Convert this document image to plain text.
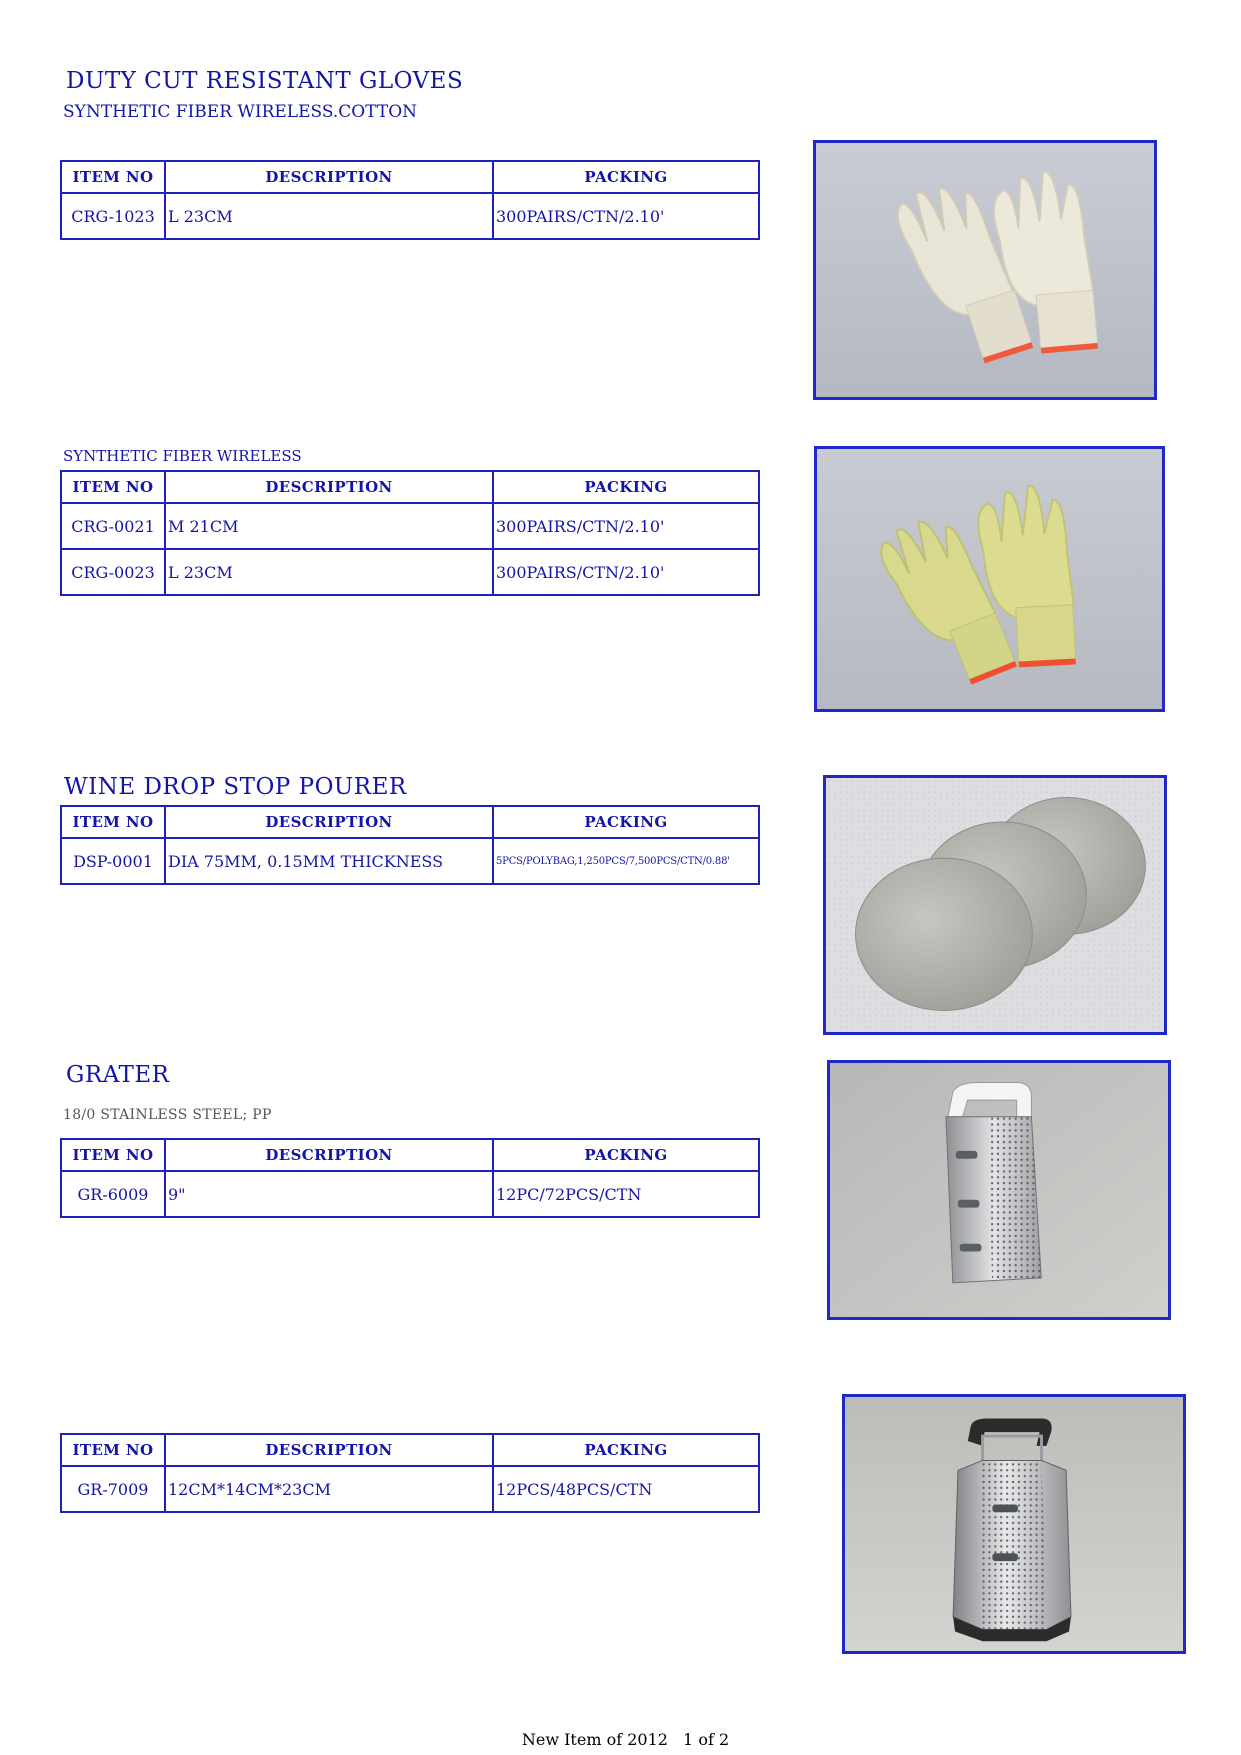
DUTY CUT RESISTANT GLOVES
SYNTHETIC FIBER WIRELESS.COTTON
ITEM NO	DESCRIPTION	PACKING
CRG-1023	L 23CM	300PAIRS/CTN/2.10'
SYNTHETIC FIBER WIRELESS
ITEM NO	DESCRIPTION	PACKING
CRG-0021	M 21CM	300PAIRS/CTN/2.10'
CRG-0023	L 23CM	300PAIRS/CTN/2.10'
WINE DROP STOP POURER
ITEM NO	DESCRIPTION	PACKING
DSP-0001	DIA 75MM, 0.15MM THICKNESS	5PCS/POLYBAG,1,250PCS/7,500PCS/CTN/0.88'
GRATER
18/0 STAINLESS STEEL; PP
ITEM NO	DESCRIPTION	PACKING
GR-6009	9"	12PC/72PCS/CTN
ITEM NO	DESCRIPTION	PACKING
GR-7009	12CM*14CM*23CM	12PCS/48PCS/CTN
New Item of 2012 1 of 2
